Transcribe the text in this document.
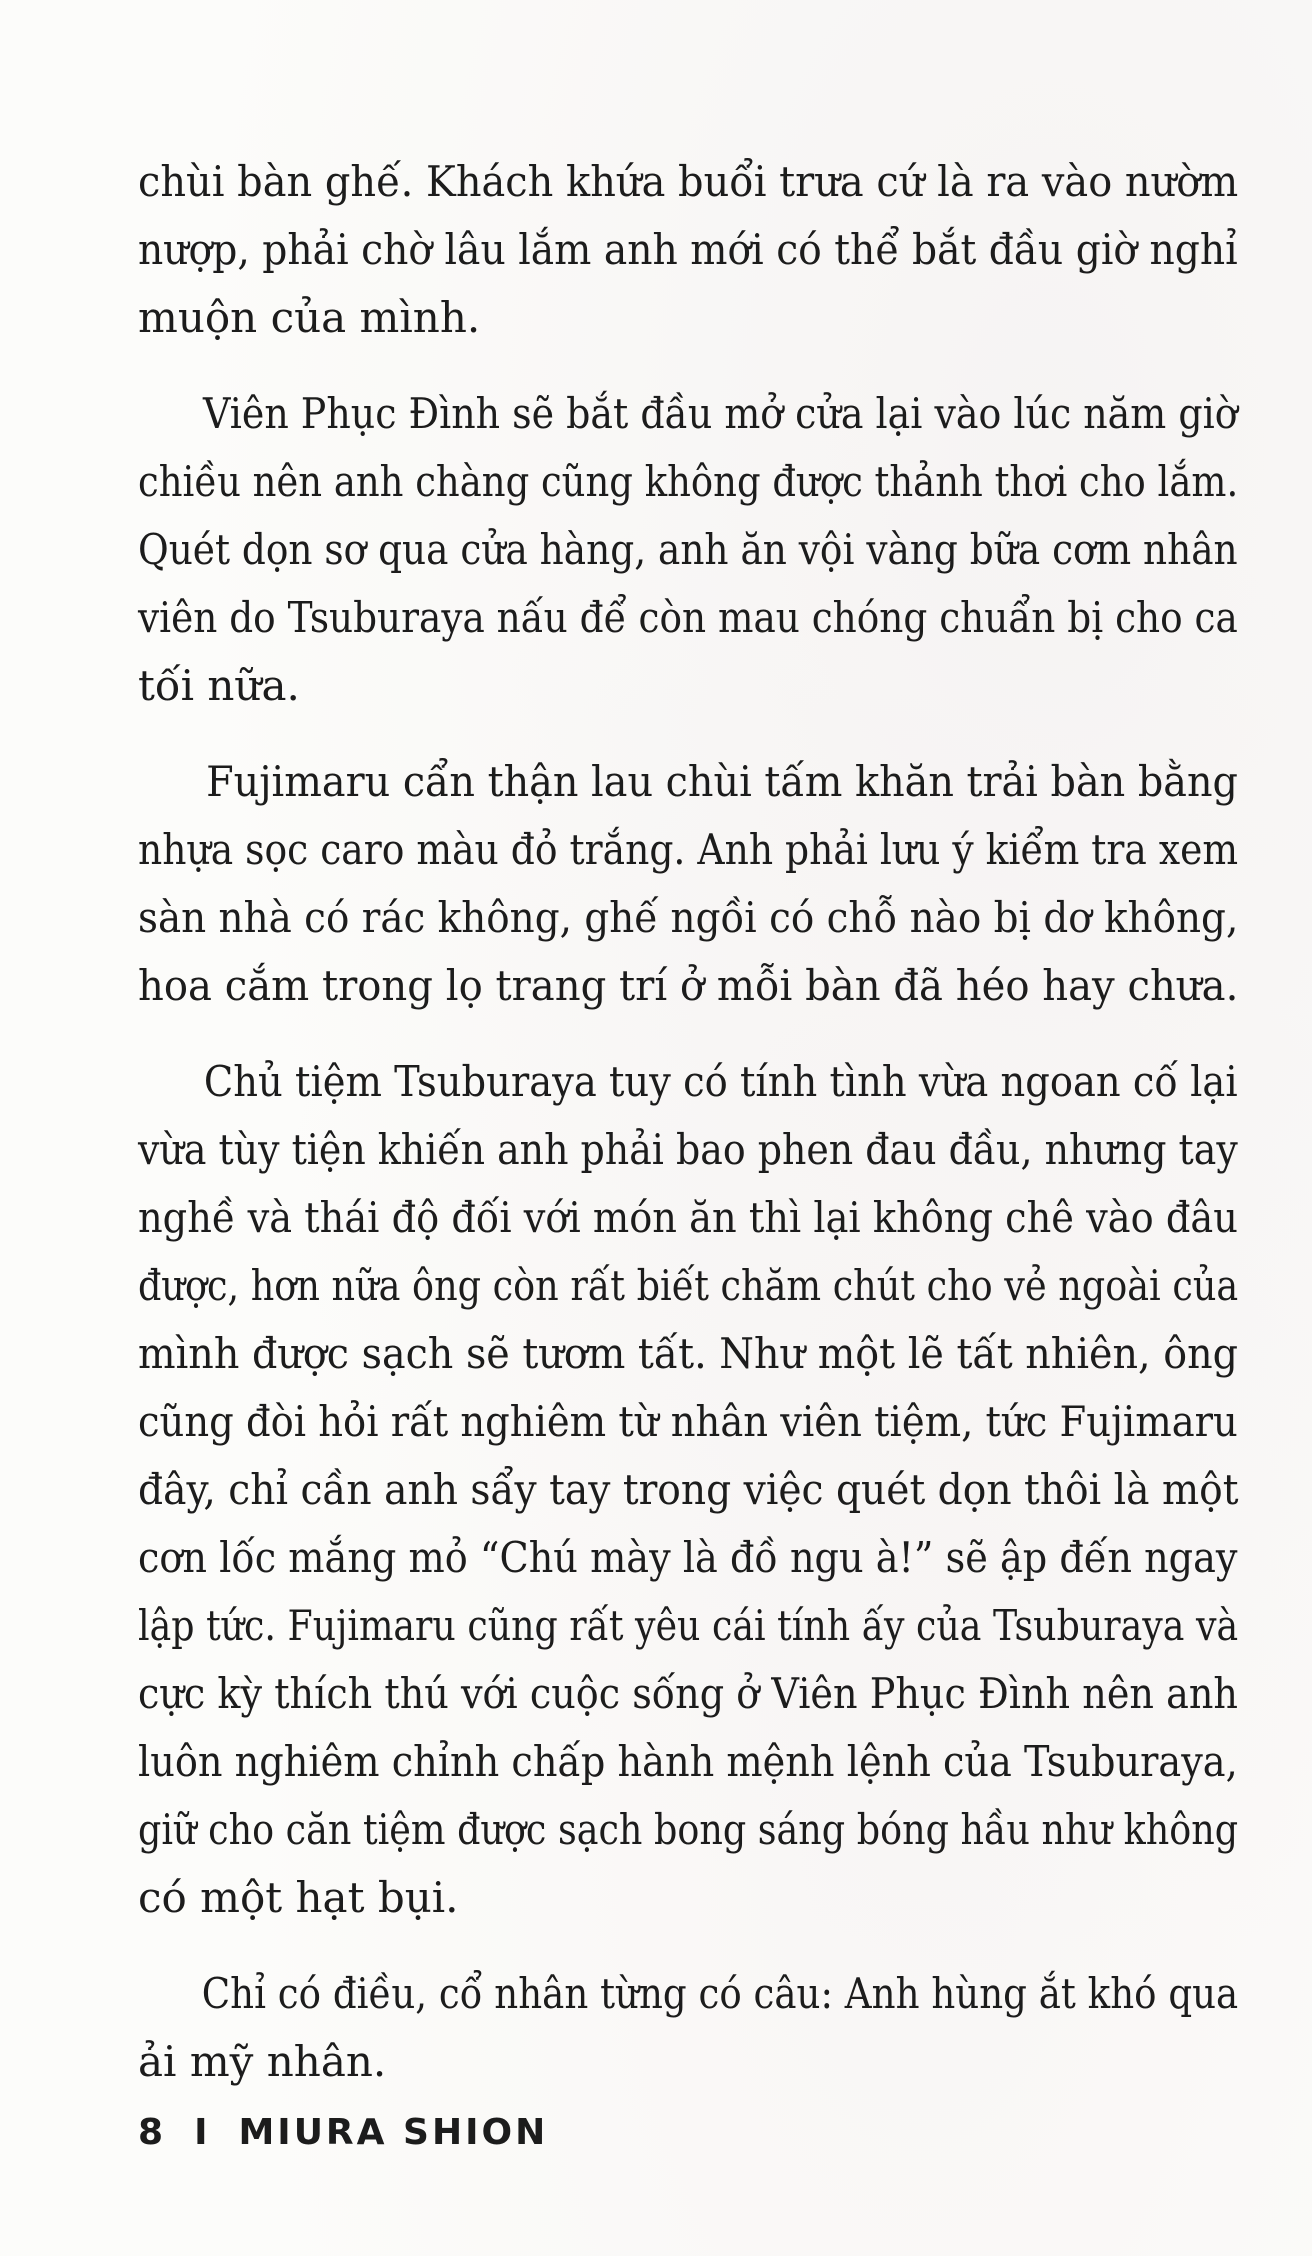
chùi bàn ghế. Khách khứa buổi trưa cứ là ra vào nườm
nượp, phải chờ lâu lắm anh mới có thể bắt đầu giờ nghỉ
muộn của mình.

Viên Phục Đình sẽ bắt đầu mở cửa lại vào lúc năm giờ
chiều nên anh chàng cũng không được thảnh thơi cho lắm.
Quét dọn sơ qua cửa hàng, anh ăn vội vàng bữa cơm nhân
viên do Tsuburaya nấu để còn mau chóng chuẩn bị cho ca
tối nữa.

Fujimaru cẩn thận lau chùi tấm khăn trải bàn bằng
nhựa sọc caro màu đỏ trắng. Anh phải lưu ý kiểm tra xem
sàn nhà có rác không, ghế ngồi có chỗ nào bị dơ không,
hoa cắm trong lọ trang trí ở mỗi bàn đã héo hay chưa.

Chủ tiệm Tsuburaya tuy có tính tình vừa ngoan cố lại
vừa tùy tiện khiến anh phải bao phen đau đầu, nhưng tay
nghề và thái độ đối với món ăn thì lại không chê vào đâu
được, hơn nữa ông còn rất biết chăm chút cho vẻ ngoài của
mình được sạch sẽ tươm tất. Như một lẽ tất nhiên, ông
cũng đòi hỏi rất nghiêm từ nhân viên tiệm, tức Fujimaru
đây, chỉ cần anh sẩy tay trong việc quét dọn thôi là một
cơn lốc mắng mỏ “Chú mày là đồ ngu à!” sẽ ập đến ngay
lập tức. Fujimaru cũng rất yêu cái tính ấy của Tsuburaya và
cực kỳ thích thú với cuộc sống ở Viên Phục Đình nên anh
luôn nghiêm chỉnh chấp hành mệnh lệnh của Tsuburaya,
giữ cho căn tiệm được sạch bong sáng bóng hầu như không
có một hạt bụi.

Chỉ có điều, cổ nhân từng có câu: Anh hùng ắt khó qua
ải mỹ nhân.

8 I MIURA SHION
